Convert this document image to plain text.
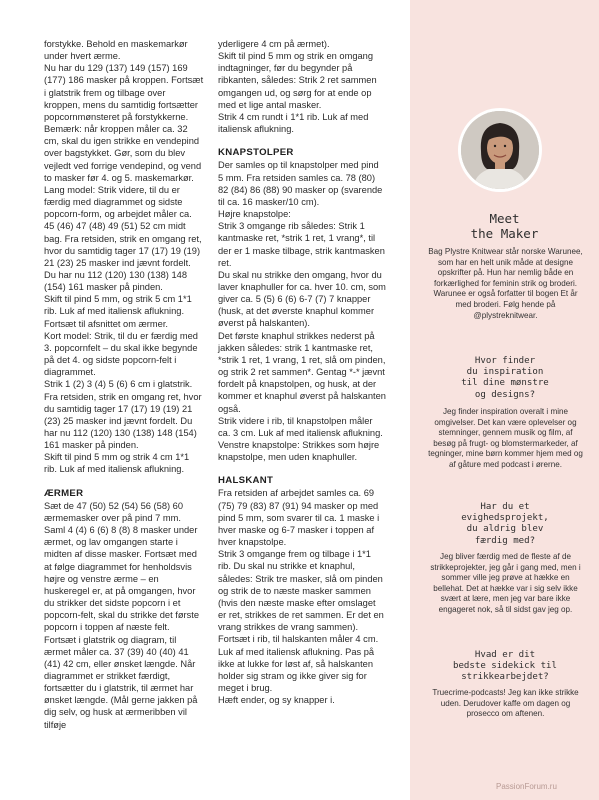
forstykke. Behold en maskemarkør under hvert ærme.

Nu har du 129 (137) 149 (157) 169 (177) 186 masker på kroppen. Fortsæt i glatstrik frem og tilbage over kroppen, mens du samtidig fortsætter popcornmønsteret på forstykkerne.

Bemærk: når kroppen måler ca. 32 cm, skal du igen strikke en vendepind over bagstykket. Gør, som du blev vejledt ved forrige vendepind, og vend to masker før 4. og 5. maskemarkør.

Lang model: Strik videre, til du er færdig med diagrammet og sidste popcorn-form, og arbejdet måler ca. 45 (46) 47 (48) 49 (51) 52 cm midt bag. Fra retsiden, strik en omgang ret, hvor du samtidig tager 17 (17) 19 (19) 21 (23) 25 masker ind jævnt fordelt. Du har nu 112 (120) 130 (138) 148 (154) 161 masker på pinden.

Skift til pind 5 mm, og strik 5 cm 1*1 rib. Luk af med italiensk aflukning. Fortsæt til afsnittet om ærmer.

Kort model: Strik, til du er færdig med 3. popcornfelt – du skal ikke begynde på det 4. og sidste popcorn-felt i diagrammet.

Strik 1 (2) 3 (4) 5 (6) 6 cm i glatstrik. Fra retsiden, strik en omgang ret, hvor du samtidig tager 17 (17) 19 (19) 21 (23) 25 masker ind jævnt fordelt. Du har nu 112 (120) 130 (138) 148 (154) 161 masker på pinden.

Skift til pind 5 mm og strik 4 cm 1*1 rib. Luk af med italiensk aflukning.

ÆRMER

Sæt de 47 (50) 52 (54) 56 (58) 60 ærmemasker over på pind 7 mm. Saml 4 (4) 6 (6) 8 (8) 8 masker under ærmet, og lav omgangen starte i midten af disse masker. Fortsæt med at følge diagrammet for henholdsvis højre og venstre ærme – en huskeregel er, at på omgangen, hvor du strikker det sidste popcorn i et popcorn-felt, skal du strikke det første popcorn i toppen af næste felt.

Fortsæt i glatstrik og diagram, til ærmet måler ca. 37 (39) 40 (40) 41 (41) 42 cm, eller ønsket længde. Når diagrammet er strikket færdigt, fortsætter du i glatstrik, til ærmet har ønsket længde. (Mål gerne jakken på dig selv, og husk at ærmeribben vil tilføje

yderligere 4 cm på ærmet).

Skift til pind 5 mm og strik en omgang indtagninger, før du begynder på ribkanten, således: Strik 2 ret sammen omgangen ud, og sørg for at ende op med et lige antal masker.

Strik 4 cm rundt i 1*1 rib. Luk af med italiensk aflukning.

KNAPSTOLPER

Der samles op til knapstolper med pind 5 mm. Fra retsiden samles ca. 78 (80) 82 (84) 86 (88) 90 masker op (svarende til ca. 16 masker/10 cm).

Højre knapstolpe:

Strik 3 omgange rib således: Strik 1 kantmaske ret, *strik 1 ret, 1 vrang*, til der er 1 maske tilbage, strik kantmasken ret.

Du skal nu strikke den omgang, hvor du laver knaphuller for ca. hver 10. cm, som giver ca. 5 (5) 6 (6) 6-7 (7) 7 knapper (husk, at det øverste knaphul kommer øverst på halskanten).

Det første knaphul strikkes nederst på jakken således: strik 1 kantmaske ret, *strik 1 ret, 1 vrang, 1 ret, slå om pinden, og strik 2 ret sammen*. Gentag *-* jævnt fordelt på knapstolpen, og husk, at der kommer et knaphul øverst på halskanten også.

Strik videre i rib, til knapstolpen måler ca. 3 cm. Luk af med italiensk aflukning.

Venstre knapstolpe: Strikkes som højre knapstolpe, men uden knaphuller.

HALSKANT

Fra retsiden af arbejdet samles ca. 69 (75) 79 (83) 87 (91) 94 masker op med pind 5 mm, som svarer til ca. 1 maske i hver maske og 6-7 masker i toppen af hver knapstolpe.

Strik 3 omgange frem og tilbage i 1*1 rib. Du skal nu strikke et knaphul, således: Strik tre masker, slå om pinden og strik de to næste masker sammen (hvis den næste maske efter omslaget er ret, strikkes de ret sammen. Er det en vrang strikkes de vrang sammen). Fortsæt i rib, til halskanten måler 4 cm.

Luk af med italiensk aflukning. Pas på ikke at lukke for løst af, så halskanten holder sig stram og ikke giver sig for meget i brug.

Hæft ender, og sy knapper i.

Meet
the Maker
Bag Plystre Knitwear står norske Warunee, som har en helt unik måde at designe opskrifter på. Hun har nemlig både en forkærlighed for feminin strik og broderi. Warunee er også forfatter til bogen Et år med broderi. Følg hende på @plystreknitwear.
Hvor finder
du inspiration
til dine mønstre
og designs?
Jeg finder inspiration overalt i mine omgivelser. Det kan være oplevelser og stemninger, gennem musik og film, af besøg på frugt- og blomstermarkeder, af tegninger, mine børn kommer hjem med og af gåture med podcast i ørerne.
Har du et
evighedsprojekt,
du aldrig blev
færdig med?
Jeg bliver færdig med de fleste af de strikkeprojekter, jeg går i gang med, men i sommer ville jeg prøve at hække en bellehat. Det at hække var i sig selv ikke svært at lære, men jeg var bare ikke engageret nok, så til sidst gav jeg op.
Hvad er dit
bedste sidekick til
strikkearbejdet?
Truecrime-podcasts! Jeg kan ikke strikke uden. Derudover kaffe om dagen og prosecco om aftenen.
PassionForum.ru
